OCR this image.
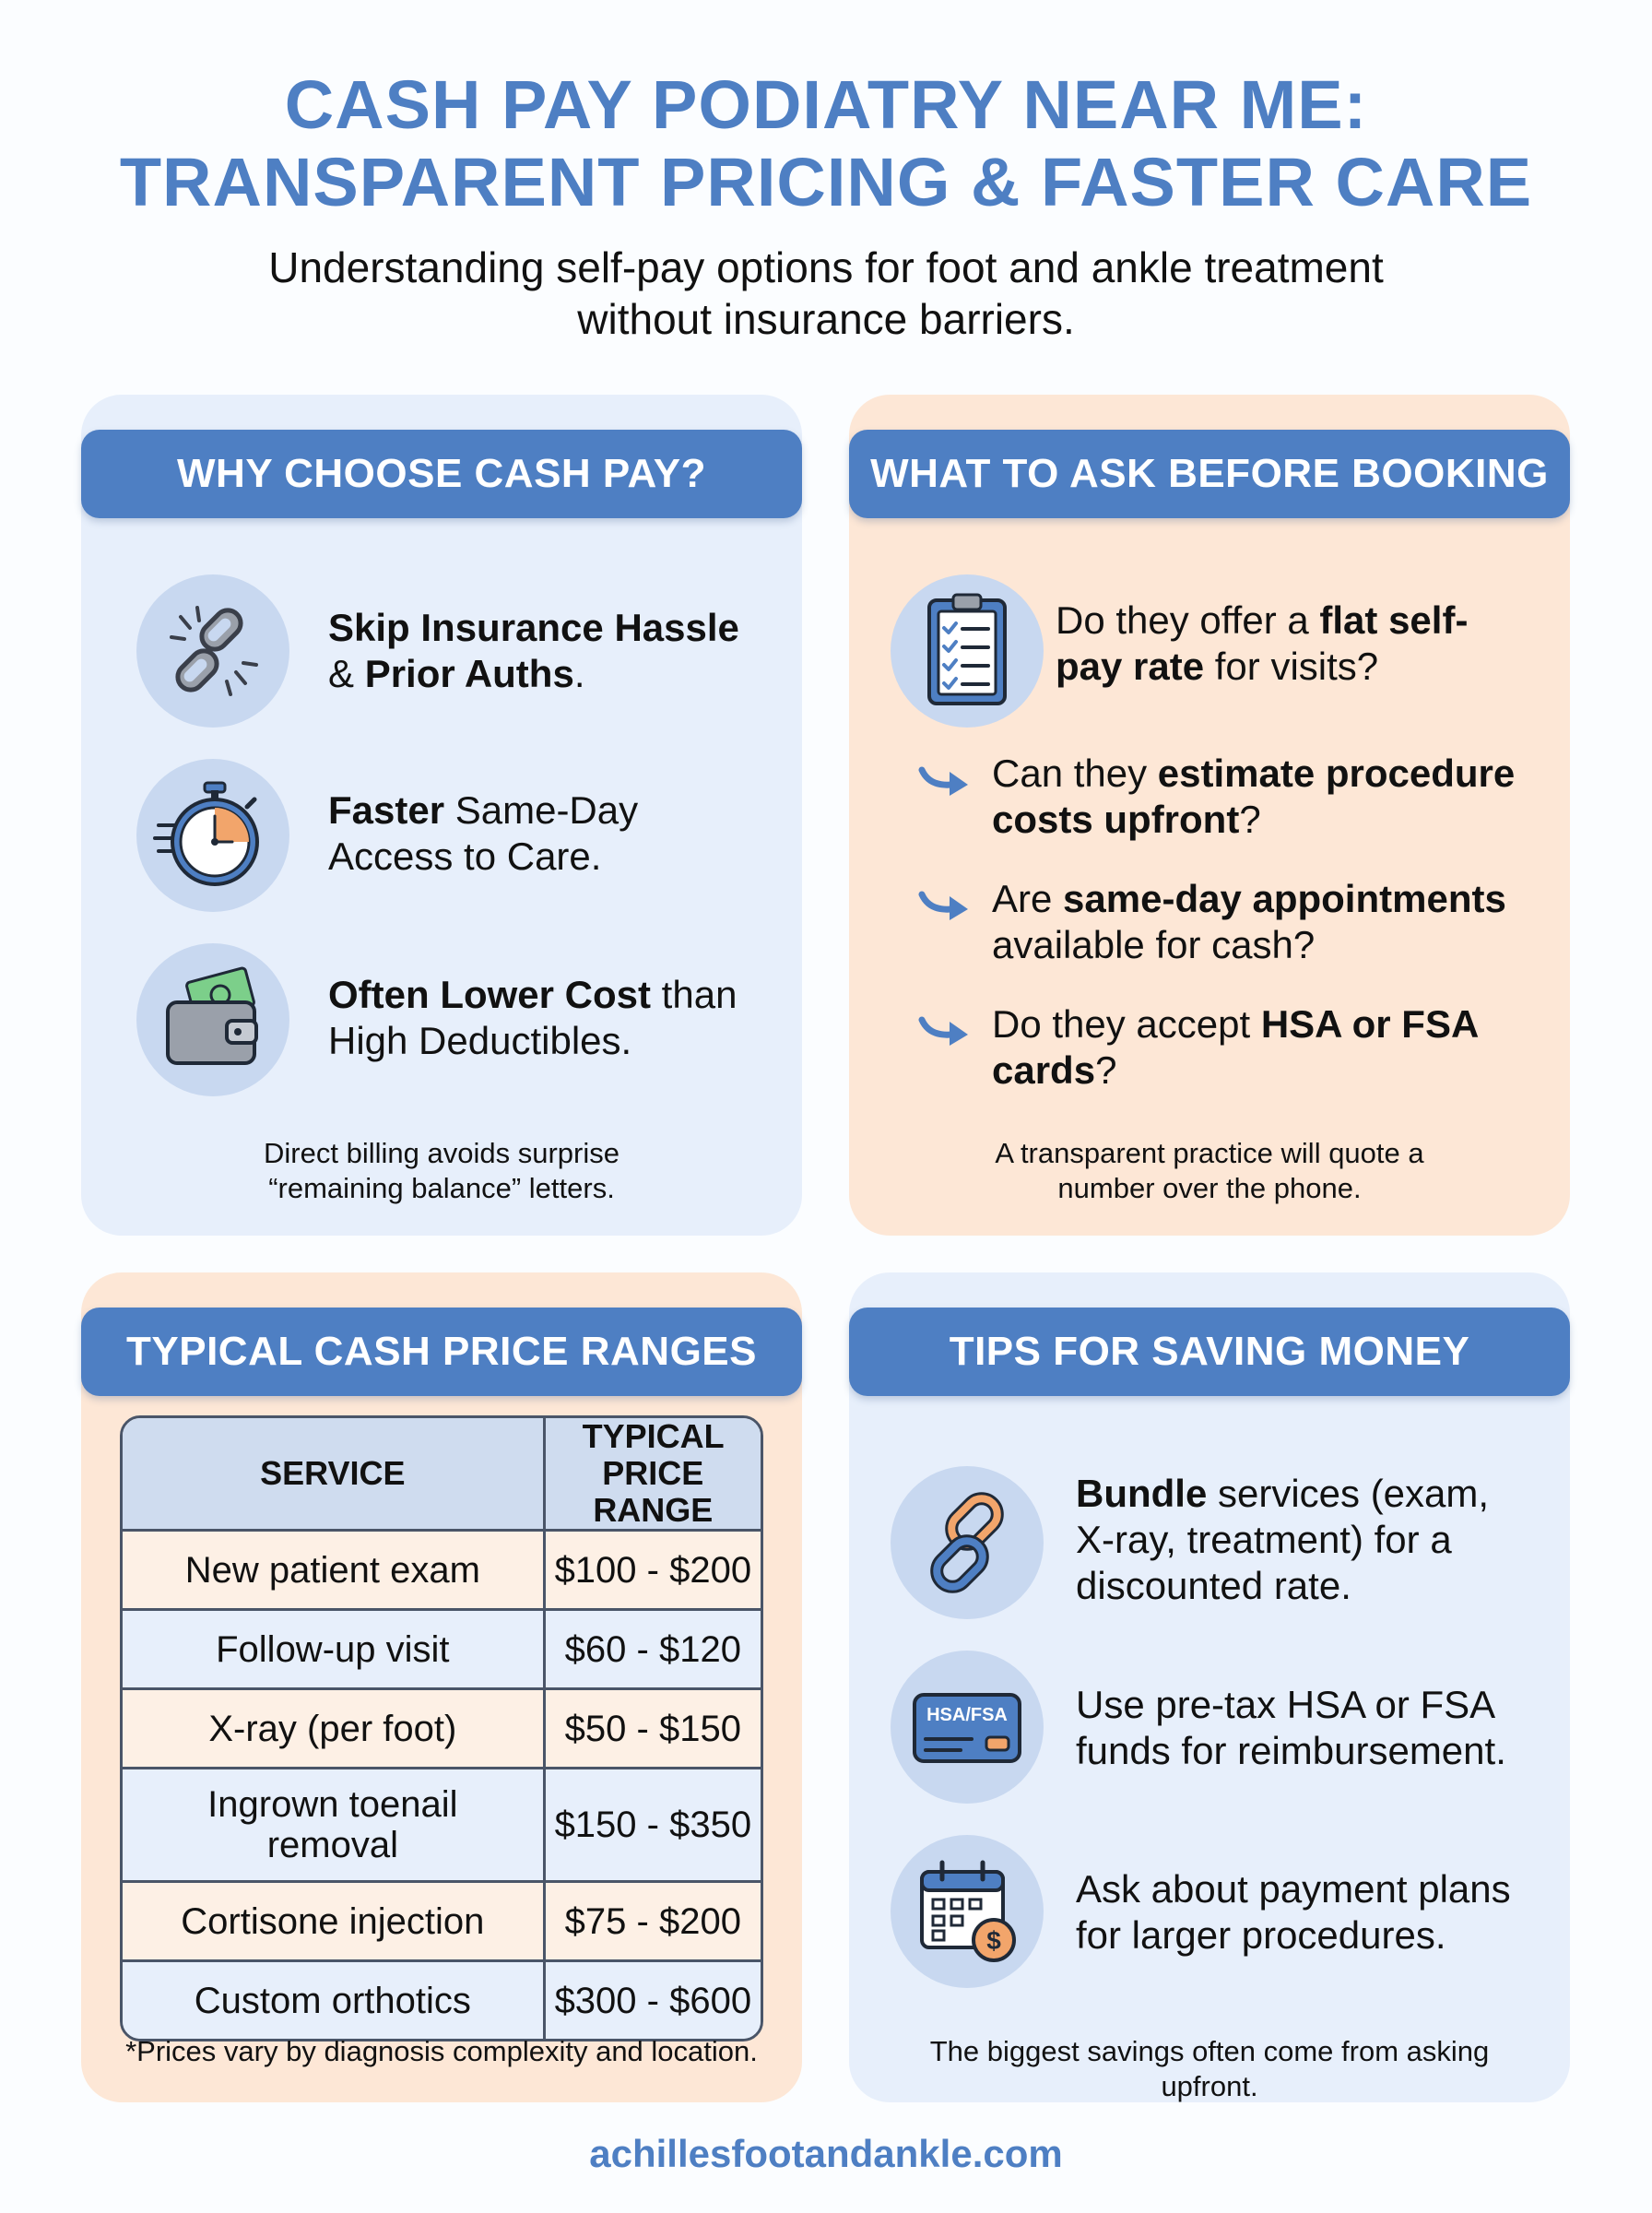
CASH PAY PODIATRY NEAR ME:
TRANSPARENT PRICING & FASTER CARE

Understanding self-pay options for foot and ankle treatment
without insurance barriers.

WHY CHOOSE CASH PAY?
Skip Insurance Hassle
& Prior Auths.
Faster Same-Day Access to Care.
Often Lower Cost than High Deductibles.
Direct billing avoids surprise
“remaining balance” letters.
WHAT TO ASK BEFORE BOOKING
Do they offer a flat self-pay rate for visits?
Can they estimate procedure costs upfront?
Are same-day appointments available for cash?
Do they accept HSA or FSA cards?
A transparent practice will quote a
number over the phone.
TYPICAL CASH PRICE RANGES
SERVICE	TYPICAL PRICE RANGE
New patient exam	$100 - $200
Follow-up visit	$60 - $120
X-ray (per foot)	$50 - $150
Ingrown toenail removal	$150 - $350
Cortisone injection	$75 - $200
Custom orthotics	$300 - $600
*Prices vary by diagnosis complexity and location.
TIPS FOR SAVING MONEY
Bundle services (exam, X-ray, treatment) for a discounted rate.
HSA/FSA Use pre-tax HSA or FSA funds for reimbursement.
$
Ask about payment plans for larger procedures.
The biggest savings often come from asking upfront.
achillesfootandankle.com
